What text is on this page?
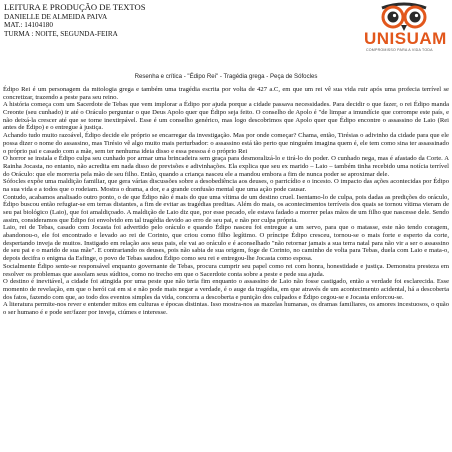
LEITURA E PRODUÇÃO DE TEXTOS
DANIELLE DE ALMEIDA PAIVA
MAT.: 14104180
TURMA : NOITE, SEGUNDA-FEIRA	UNISUAM
COMPROMISSO PARA A VIDA TODA
Resenha e crítica - "Édipo Rei" - Tragédia grega - Peça de Sófocles

Édipo Rei é um personagem da mitologia grega e também uma tragédia escrita por volta de 427 a.C, em que um rei vê sua vida ruir após uma profecia terrível se concretizar, trazendo a peste para seu reino.

A história começa com um Sacerdote de Tebas que vem implorar a Édipo por ajuda porque a cidade passava necessidades. Para decidir o que fazer, o rei Édipo manda Creonte (seu cunhado) ir até o Oráculo perguntar o que Deus Apolo quer que Édipo seja feito. O conselho de Apolo é "de limpar a imundície que corrompe este país, e não deixá-la crescer até que se torne inextirpável. Esse é um conselho genérico, mas logo descobrimos que Apolo quer que Édipo encontre o assassino de Laio (Rei antes de Édipo) e o entregue à justiça.

Achando tudo muito razoável, Édipo decide ele próprio se encarregar da investigação. Mas por onde começar? Chama, então, Tirésias o adivinho da cidade para que ele possa dizer o nome do assassino, mas Tirésio vê algo muito mais perturbador: o assassino está tão perto que ninguém imagina quem é, ele tem como sina ter assassinado o próprio pai e casado com a mãe, sem ter nenhuma ideia disso e essa pessoa é o próprio Rei

O horror se instala e Édipo culpa seu cunhado por armar uma brincadeira sem graça para desmoralizá-lo e tirá-lo do poder. O cunhado nega, mas é afastado da Corte. A Rainha Jocasta, no entanto, não acredita em nada disso de previsões e adivinhações. Ela explica que seu ex marido – Laio – também tinha recebido uma notícia terrível do Oráculo: que ele morreria pela mão de seu filho. Então, quando a criança nasceu ele a mandou embora a fim de nunca poder se aproximar dele.

Sófocles expõe uma maldição familiar, que gera várias discussões sobre a desobediência aos deuses, o parricídio e o incesto. O impacto das ações acontecidas por Édipo na sua vida e a todos que o rodeiam. Mostra o drama, a dor, e a grande confusão mental que uma ação pode causar.

Contudo, acabamos analisado outro ponto, o de que Édipo não é mais do que uma vítima de um destino cruel. Isentamo-lo de culpa, pois dadas as predições do oráculo, Édipo buscou então refugiar-se em terras distantes, a fim de evitar as tragédias preditas. Além do mais, os acontecimentos terríveis dos quais se tornou vítima vieram de seu pai biológico (Laio), que foi amaldiçoado. A maldição de Laio diz que, por esse pecado, ele estava fadado a morrer pelas mãos de um filho que nascesse dele. Sendo assim, consideramos que Édipo foi envolvido em tal tragédia devido ao erro de seu pai, e não por culpa própria.

Laio, rei de Tebas, casado com Jocasta foi advertido pelo oráculo e quando Édipo nasceu foi entregue a um servo, para que o matasse, este não tendo coragem, abandonou-o, ele foi encontrado e levado ao rei de Corinto, que criou como filho legítimo. O príncipe Édipo cresceu, tornou-se o mais forte e esperto da corte, despertando inveja de muitos. Instigado em relação aos seus pais, ele vai ao oráculo e é aconselhado "não retornar jamais a sua terra natal para não vir a ser o assassino de seu pai e o marido de sua mãe". E contrariando os deuses, pois não sabia de sua origem, foge de Corinto, no caminho de volta para Tebas, duela com Laio e mata-o, depois decifra o enigma da Esfinge, o povo de Tebas saudou Édipo como seu rei e entregou-lhe Jocasta como esposa.

Socialmente Édipo sente-se responsável enquanto governante de Tebas, procura cumprir seu papel como rei com honra, honestidade e justiça. Demonstra presteza em resolver os problemas que assolam seus súditos, como no trecho em que o Sacerdote conta sobre a peste e pede sua ajuda.

O destino é inevitável, a cidade foi atingida por uma peste que não teria fim enquanto o assassino de Laio não fosse castigado, então a verdade foi esclarecida. Esse momento de revelação, em que o herói cai em si e não pode mais negar a verdade, é o auge da tragédia, em que através de um acontecimento acidental, há a descoberta dos fatos, fazendo com que, ao todo dos eventos simples da vida, concorra a descoberta e punição dos culpados e Édipo cegou-se e Jocasta enforcou-se.

A literatura permite-nos rever e entender mitos em culturas e épocas distintas. Isso mostra-nos as mazelas humanas, os dramas familiares, os amores incestuosos, o quão o ser humano é e pode ser/fazer por inveja, ciúmes e interesse.
